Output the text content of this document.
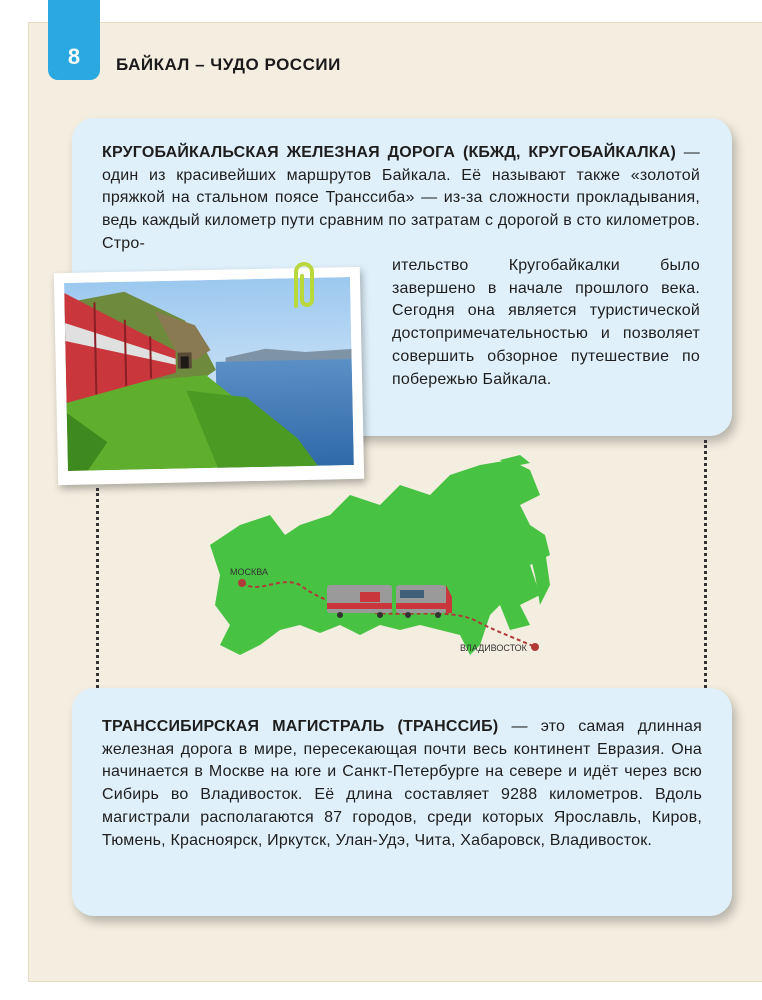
8	БАЙКАЛ – ЧУДО РОССИИ
КРУГОБАЙКАЛЬСКАЯ ЖЕЛЕЗНАЯ ДОРОГА (КБЖД, КРУГОБАЙКАЛКА) — один из красивейших маршрутов Байкала. Её называют также «золотой пряжкой на стальном поясе Транссиба» — из-за сложности прокладывания, ведь каждый километр пути сравним по затратам с дорогой в сто километров. Стро-
ительство Кругобайкалки было завершено в начале прошлого века. Сегодня она является туристической достопримечательностью и позволяет совершить обзорное путешествие по побережью Байкала.
МОСКВА
ВЛАДИВОСТОК
ТРАНССИБИРСКАЯ МАГИСТРАЛЬ (ТРАНССИБ) — это самая длинная железная дорога в мире, пересекающая почти весь континент Евразия. Она начинается в Москве на юге и Санкт-Петербурге на севере и идёт через всю Сибирь во Владивосток. Её длина составляет 9288 километров. Вдоль магистрали располагаются 87 городов, среди которых Ярославль, Киров, Тюмень, Красноярск, Иркутск, Улан-Удэ, Чита, Хабаровск, Владивосток.
